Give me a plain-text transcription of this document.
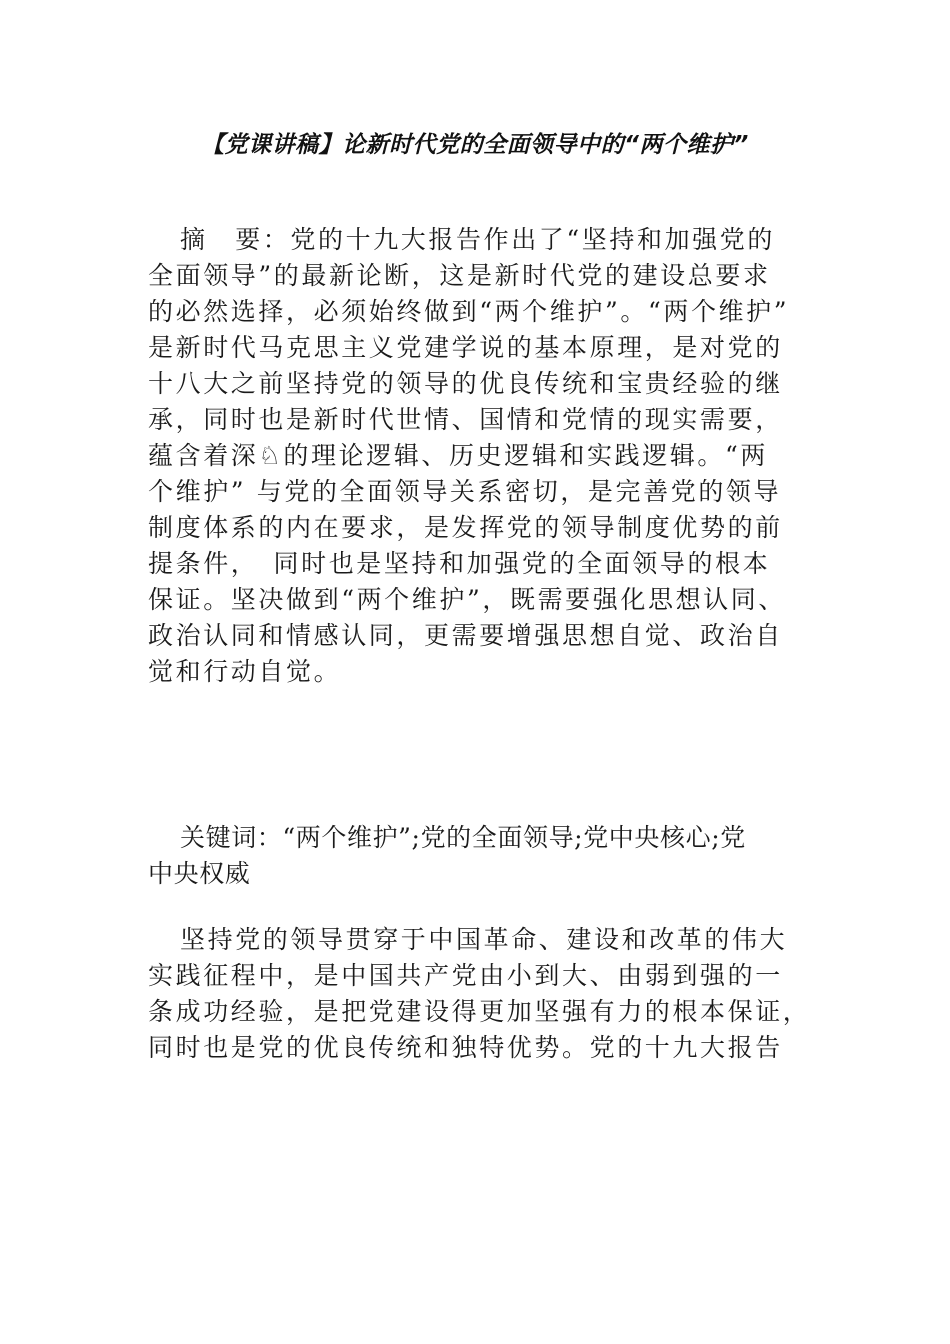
【党课讲稿】论新时代党的全面领导中的“两个维护”
摘　要：党的十九大报告作出了“坚持和加强党的
全面领导”的最新论断，这是新时代党的建设总要求
的必然选择，必须始终做到“两个维护”。“两个维护”
是新时代马克思主义党建学说的基本原理，是对党的
十八大之前坚持党的领导的优良传统和宝贵经验的继
承，同时也是新时代世情、国情和党情的现实需要，
蕴含着深♘的理论逻辑、历史逻辑和实践逻辑。“两
个维护” 与党的全面领导关系密切，是完善党的领导
制度体系的内在要求，是发挥党的领导制度优势的前
提条件，　同时也是坚持和加强党的全面领导的根本
保证。坚决做到“两个维护”，既需要强化思想认同、
政治认同和情感认同，更需要增强思想自觉、政治自
觉和行动自觉。
关键词：“两个维护”;党的全面领导;党中央核心;党
中央权威
坚持党的领导贯穿于中国革命、建设和改革的伟大
实践征程中，是中国共产党由小到大、由弱到强的一
条成功经验，是把党建设得更加坚强有力的根本保证，
同时也是党的优良传统和独特优势。党的十九大报告
